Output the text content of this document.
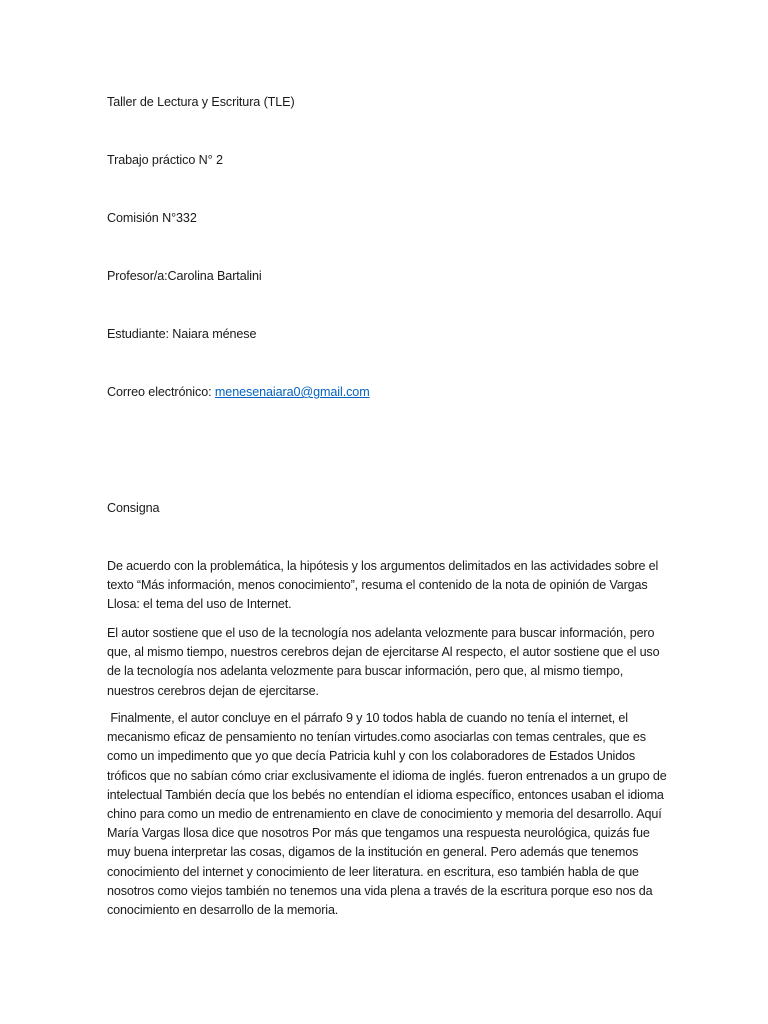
Taller de Lectura y Escritura (TLE)
Trabajo práctico N° 2
Comisión N°332
Profesor/a:Carolina Bartalini
Estudiante: Naiara ménese
Correo electrónico: menesenaiara0@gmail.com
Consigna
De acuerdo con la problemática, la hipótesis y los argumentos delimitados en las actividades sobre el texto “Más información, menos conocimiento”, resuma el contenido de la nota de opinión de Vargas Llosa: el tema del uso de Internet.
El autor sostiene que el uso de la tecnología nos adelanta velozmente para buscar información, pero que, al mismo tiempo, nuestros cerebros dejan de ejercitarse Al respecto, el autor sostiene que el uso de la tecnología nos adelanta velozmente para buscar información, pero que, al mismo tiempo, nuestros cerebros dejan de ejercitarse.
Finalmente, el autor concluye en el párrafo 9 y 10 todos habla de cuando no tenía el internet, el mecanismo eficaz de pensamiento no tenían virtudes.como asociarlas con temas centrales, que es como un impedimento que yo que decía Patricia kuhl y con los colaboradores de Estados Unidos tróficos que no sabían cómo criar exclusivamente el idioma de inglés. fueron entrenados a un grupo de intelectual También decía que los bebés no entendían el idioma específico, entonces usaban el idioma chino para como un medio de entrenamiento en clave de conocimiento y memoria del desarrollo. Aquí María Vargas llosa dice que nosotros Por más que tengamos una respuesta neurológica, quizás fue muy buena interpretar las cosas, digamos de la institución en general. Pero además que tenemos conocimiento del internet y conocimiento de leer literatura. en escritura, eso también habla de que nosotros como viejos también no tenemos una vida plena a través de la escritura porque eso nos da conocimiento en desarrollo de la memoria.
